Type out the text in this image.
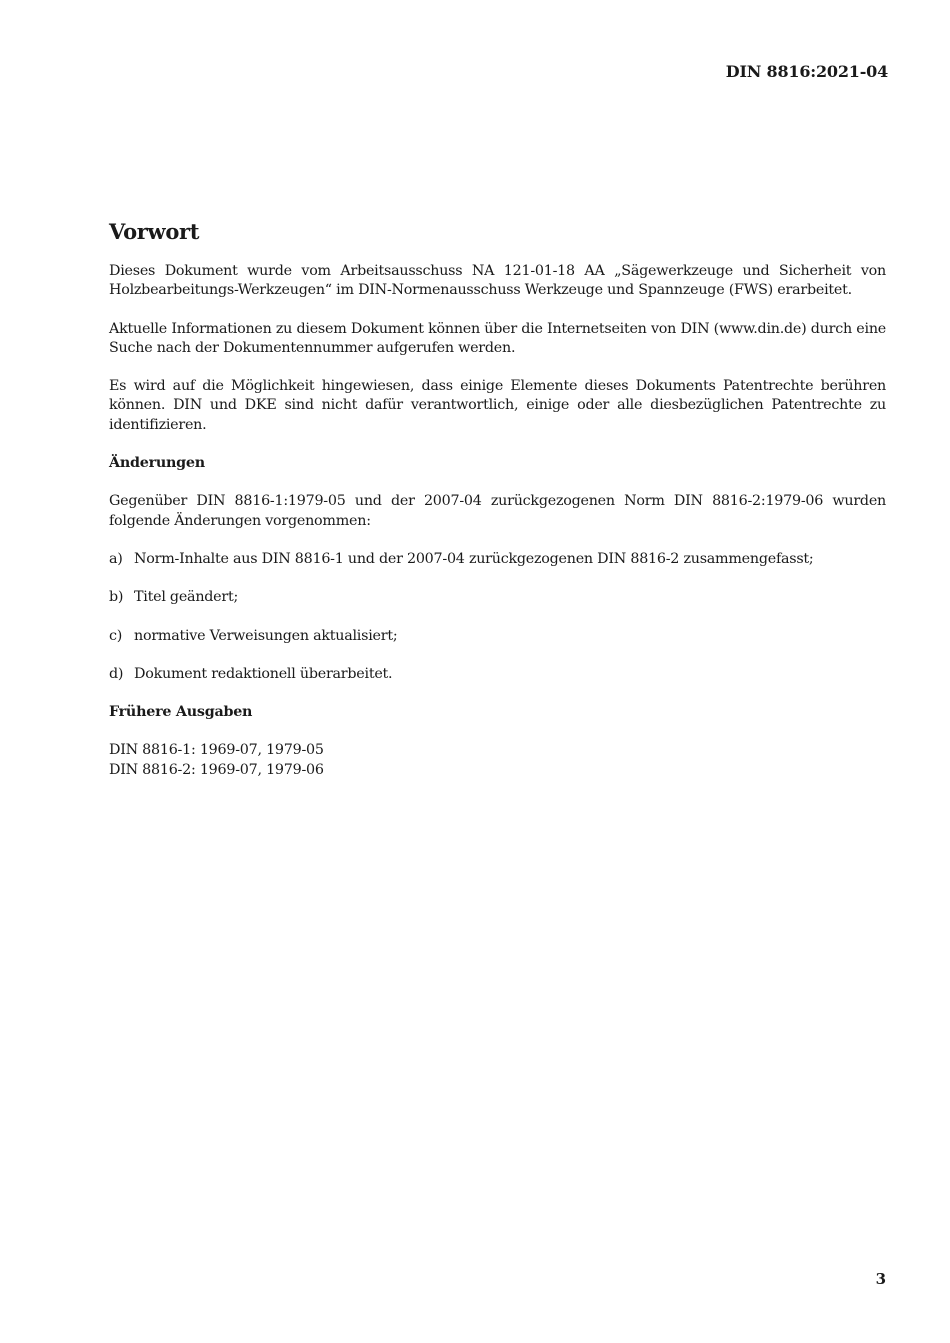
DIN 8816:2021-04
Vorwort

Dieses Dokument wurde vom Arbeitsausschuss NA 121-01-18 AA „Sägewerkzeuge und Sicherheit von Holzbearbeitungs-Werkzeugen“ im DIN-Normenausschuss Werkzeuge und Spannzeuge (FWS) erarbeitet.

Aktuelle Informationen zu diesem Dokument können über die Internetseiten von DIN (www.din.de) durch eine Suche nach der Dokumentennummer aufgerufen werden.

Es wird auf die Möglichkeit hingewiesen, dass einige Elemente dieses Dokuments Patentrechte berühren können. DIN und DKE sind nicht dafür verantwortlich, einige oder alle diesbezüglichen Patentrechte zu identifizieren.

Änderungen

Gegenüber DIN 8816-1:1979-05 und der 2007-04 zurückgezogenen Norm DIN 8816-2:1979-06 wurden folgende Änderungen vorgenommen:

a) Norm-Inhalte aus DIN 8816-1 und der 2007-04 zurückgezogenen DIN 8816-2 zusammengefasst;
b) Titel geändert;
c) normative Verweisungen aktualisiert;
d) Dokument redaktionell überarbeitet.
Frühere Ausgaben
DIN 8816-1: 1969-07, 1979-05
DIN 8816-2: 1969-07, 1979-06
3
